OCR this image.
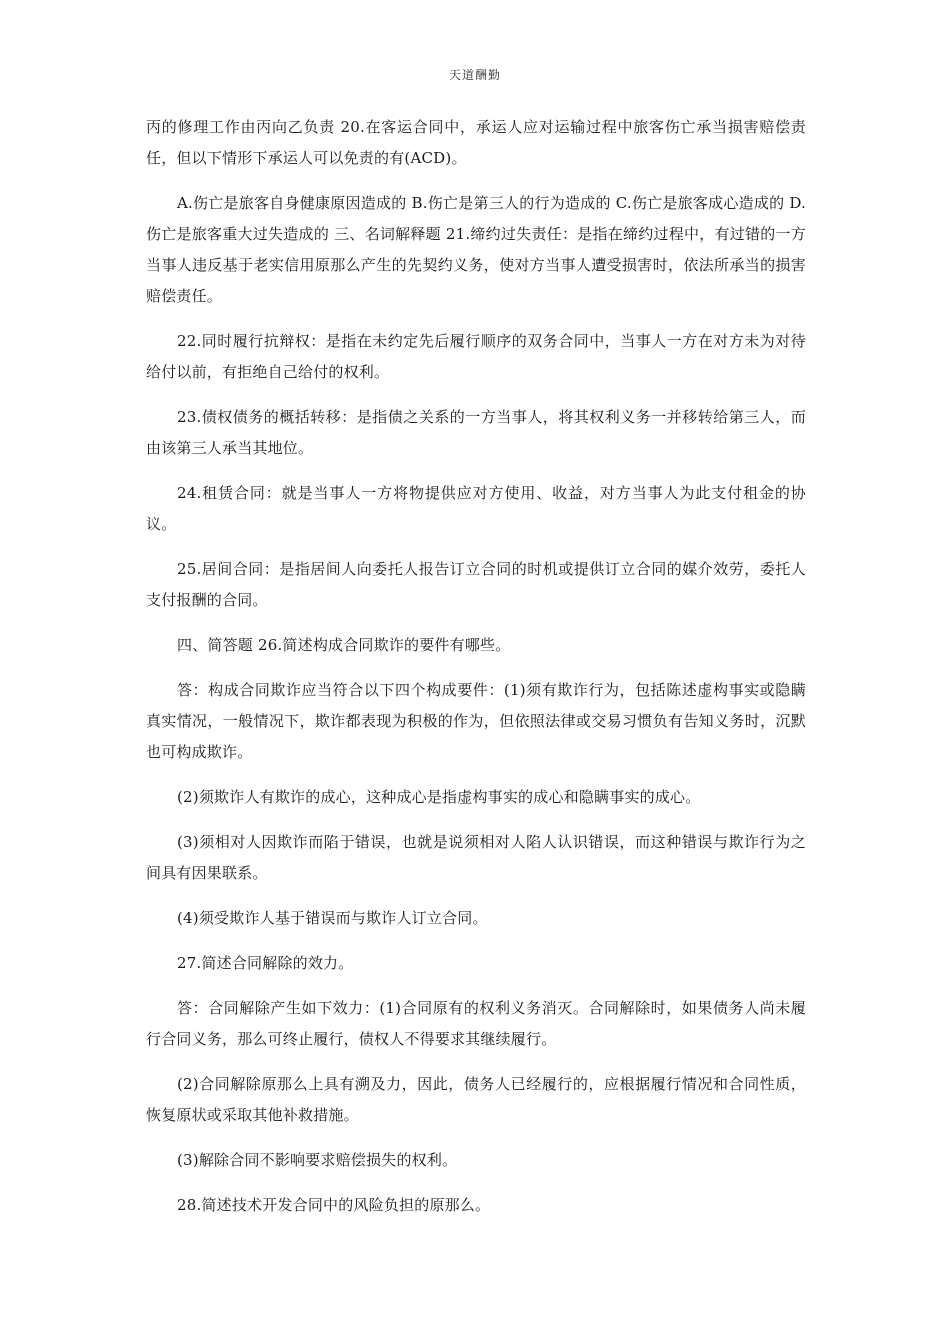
天道酬勤

丙的修理工作由丙向乙负责 20.在客运合同中，承运人应对运输过程中旅客伤亡承当损害赔偿责任，但以下情形下承运人可以免责的有(ACD)。

A.伤亡是旅客自身健康原因造成的 B.伤亡是第三人的行为造成的 C.伤亡是旅客成心造成的 D.伤亡是旅客重大过失造成的 三、名词解释题 21.缔约过失责任：是指在缔约过程中，有过错的一方当事人违反基于老实信用原那么产生的先契约义务，使对方当事人遭受损害时，依法所承当的损害赔偿责任。

22.同时履行抗辩权：是指在未约定先后履行顺序的双务合同中，当事人一方在对方未为对待给付以前，有拒绝自己给付的权利。

23.债权债务的概括转移：是指债之关系的一方当事人，将其权利义务一并移转给第三人，而由该第三人承当其地位。

24.租赁合同：就是当事人一方将物提供应对方使用、收益，对方当事人为此支付租金的协议。

25.居间合同：是指居间人向委托人报告订立合同的时机或提供订立合同的媒介效劳，委托人支付报酬的合同。

四、简答题 26.简述构成合同欺诈的要件有哪些。

答：构成合同欺诈应当符合以下四个构成要件：(1)须有欺诈行为，包括陈述虚构事实或隐瞒真实情况，一般情况下，欺诈都表现为积极的作为，但依照法律或交易习惯负有告知义务时，沉默也可构成欺诈。

(2)须欺诈人有欺诈的成心，这种成心是指虚构事实的成心和隐瞒事实的成心。

(3)须相对人因欺诈而陷于错误，也就是说须相对人陷人认识错误，而这种错误与欺诈行为之间具有因果联系。

(4)须受欺诈人基于错误而与欺诈人订立合同。

27.简述合同解除的效力。

答：合同解除产生如下效力：(1)合同原有的权利义务消灭。合同解除时，如果债务人尚未履行合同义务，那么可终止履行，债权人不得要求其继续履行。

(2)合同解除原那么上具有溯及力，因此，债务人已经履行的，应根据履行情况和合同性质，恢复原状或采取其他补救措施。

(3)解除合同不影响要求赔偿损失的权利。

28.简述技术开发合同中的风险负担的原那么。
